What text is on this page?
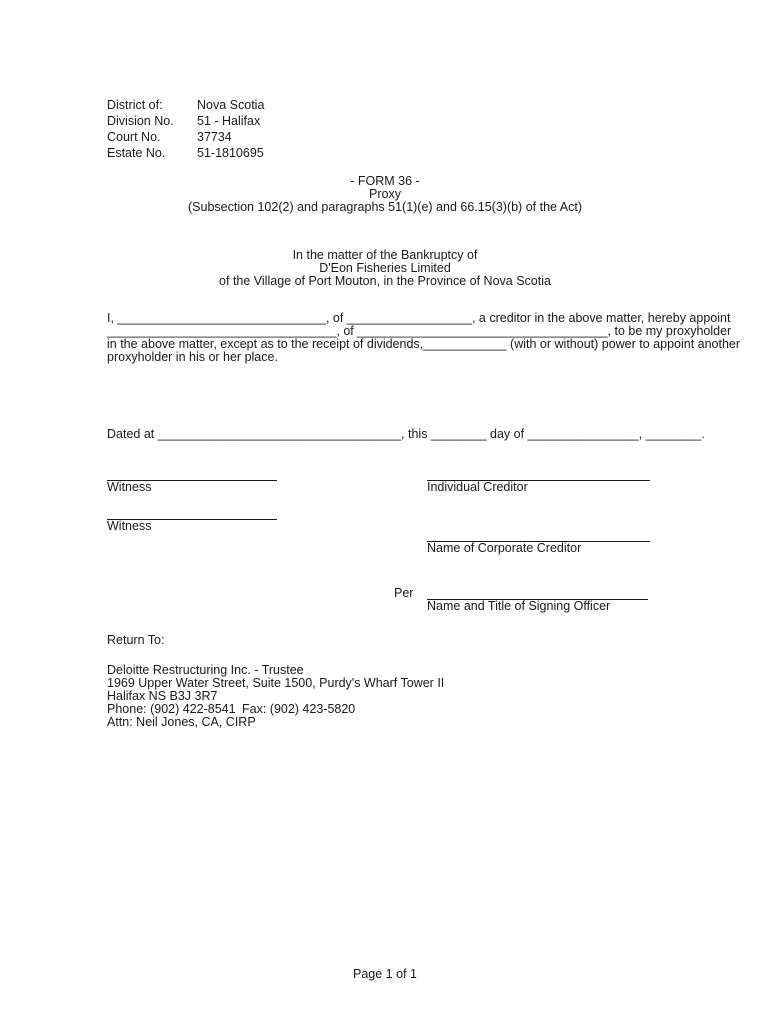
District of:	Nova Scotia
Division No. 51 - Halifax
Court No.	37734
Estate No.	51-1810695
- FORM 36 -
Proxy
(Subsection 102(2) and paragraphs 51(1)(e) and 66.15(3)(b) of the Act)
In the matter of the Bankruptcy of
D'Eon Fisheries Limited
of the Village of Port Mouton, in the Province of Nova Scotia
I, ______________________________, of __________________, a creditor in the above matter, hereby appoint
_________________________________, of ____________________________________, to be my proxyholder
in the above matter, except as to the receipt of dividends,____________ (with or without) power to appoint another
proxyholder in his or her place.
Dated at ___________________________________, this ________ day of ________________, ________.
Witness	Individual Creditor
Witness
Name of Corporate Creditor
Per
Name and Title of Signing Officer
Return To:
Deloitte Restructuring Inc. - Trustee
1969 Upper Water Street, Suite 1500, Purdy's Wharf Tower II
Halifax NS B3J 3R7
Phone: (902) 422-8541 Fax: (902) 423-5820
Attn: Neil Jones, CA, CIRP
Page 1 of 1
